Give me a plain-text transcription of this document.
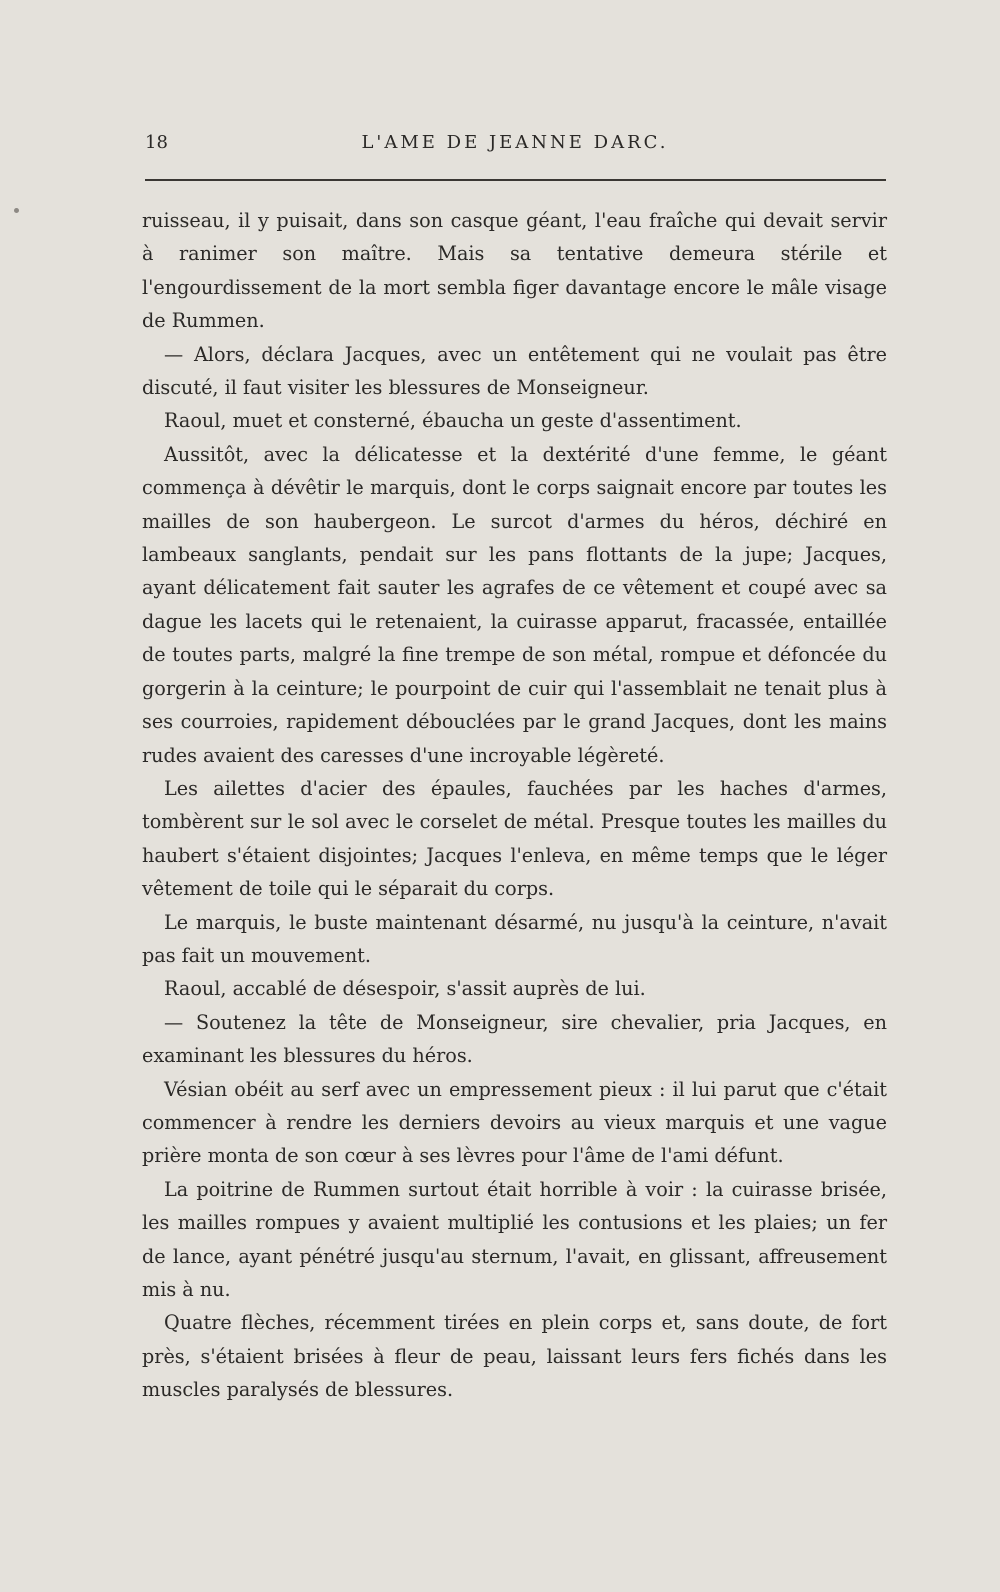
18	L'AME DE JEANNE DARC.

ruisseau, il y puisait, dans son casque géant, l'eau fraîche qui devait servir à ranimer son maître. Mais sa tentative demeura stérile et l'engourdissement de la mort sembla figer davantage encore le mâle visage de Rummen.

— Alors, déclara Jacques, avec un entêtement qui ne voulait pas être discuté, il faut visiter les blessures de Monseigneur.

Raoul, muet et consterné, ébaucha un geste d'assentiment.

Aussitôt, avec la délicatesse et la dextérité d'une femme, le géant commença à dévêtir le marquis, dont le corps saignait encore par toutes les mailles de son haubergeon. Le surcot d'armes du héros, déchiré en lambeaux sanglants, pendait sur les pans flottants de la jupe; Jacques, ayant délicatement fait sauter les agrafes de ce vêtement et coupé avec sa dague les lacets qui le retenaient, la cuirasse apparut, fracassée, entaillée de toutes parts, malgré la fine trempe de son métal, rompue et défoncée du gorgerin à la ceinture; le pourpoint de cuir qui l'assemblait ne tenait plus à ses courroies, rapidement débouclées par le grand Jacques, dont les mains rudes avaient des caresses d'une incroyable légèreté.

Les ailettes d'acier des épaules, fauchées par les haches d'armes, tombèrent sur le sol avec le corselet de métal. Presque toutes les mailles du haubert s'étaient disjointes; Jacques l'enleva, en même temps que le léger vêtement de toile qui le séparait du corps.

Le marquis, le buste maintenant désarmé, nu jusqu'à la ceinture, n'avait pas fait un mouvement.

Raoul, accablé de désespoir, s'assit auprès de lui.

— Soutenez la tête de Monseigneur, sire chevalier, pria Jacques, en examinant les blessures du héros.

Vésian obéit au serf avec un empressement pieux : il lui parut que c'était commencer à rendre les derniers devoirs au vieux marquis et une vague prière monta de son cœur à ses lèvres pour l'âme de l'ami défunt.

La poitrine de Rummen surtout était horrible à voir : la cuirasse brisée, les mailles rompues y avaient multiplié les contusions et les plaies; un fer de lance, ayant pénétré jusqu'au sternum, l'avait, en glissant, affreusement mis à nu.

Quatre flèches, récemment tirées en plein corps et, sans doute, de fort près, s'étaient brisées à fleur de peau, laissant leurs fers fichés dans les muscles paralysés de blessures.
